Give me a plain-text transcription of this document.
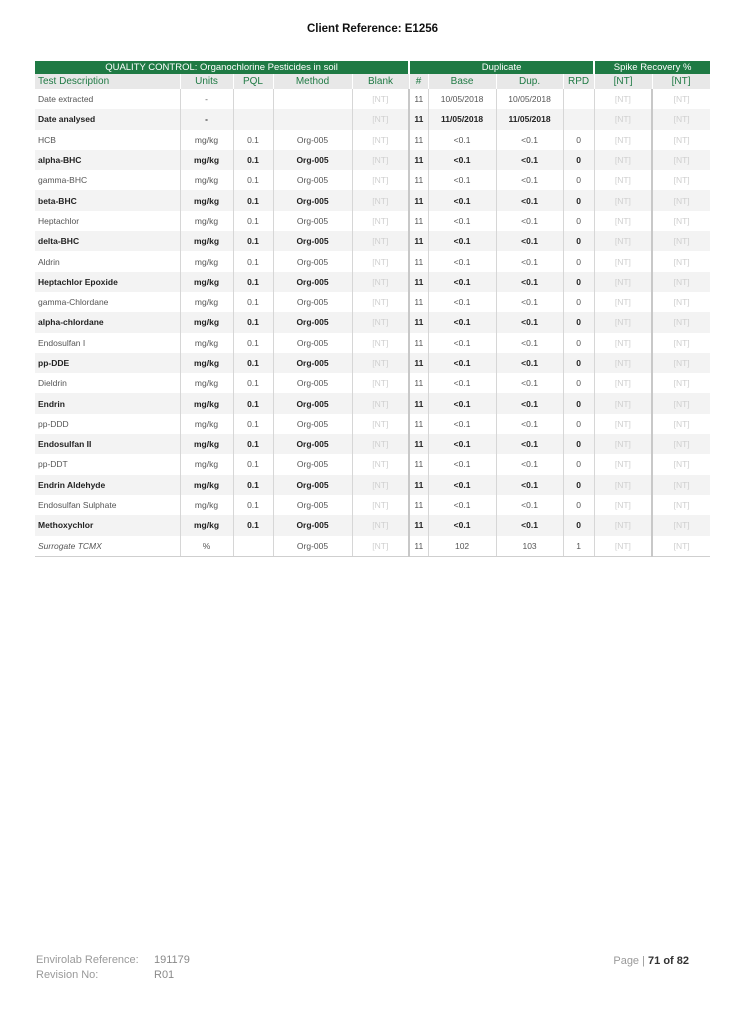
Client Reference: E1256
QUALITY CONTROL: Organochlorine Pesticides in soil					Duplicate				Spike Recovery %	
Test Description	Units	PQL	Method	Blank	#	Base	Dup.	RPD	[NT]	[NT]
Date extracted	-			[NT]	11	10/05/2018	10/05/2018		[NT]	[NT]
Date analysed	-			[NT]	11	11/05/2018	11/05/2018		[NT]	[NT]
HCB	mg/kg	0.1	Org-005	[NT]	11	<0.1	<0.1	0	[NT]	[NT]
alpha-BHC	mg/kg	0.1	Org-005	[NT]	11	<0.1	<0.1	0	[NT]	[NT]
gamma-BHC	mg/kg	0.1	Org-005	[NT]	11	<0.1	<0.1	0	[NT]	[NT]
beta-BHC	mg/kg	0.1	Org-005	[NT]	11	<0.1	<0.1	0	[NT]	[NT]
Heptachlor	mg/kg	0.1	Org-005	[NT]	11	<0.1	<0.1	0	[NT]	[NT]
delta-BHC	mg/kg	0.1	Org-005	[NT]	11	<0.1	<0.1	0	[NT]	[NT]
Aldrin	mg/kg	0.1	Org-005	[NT]	11	<0.1	<0.1	0	[NT]	[NT]
Heptachlor Epoxide	mg/kg	0.1	Org-005	[NT]	11	<0.1	<0.1	0	[NT]	[NT]
gamma-Chlordane	mg/kg	0.1	Org-005	[NT]	11	<0.1	<0.1	0	[NT]	[NT]
alpha-chlordane	mg/kg	0.1	Org-005	[NT]	11	<0.1	<0.1	0	[NT]	[NT]
Endosulfan I	mg/kg	0.1	Org-005	[NT]	11	<0.1	<0.1	0	[NT]	[NT]
pp-DDE	mg/kg	0.1	Org-005	[NT]	11	<0.1	<0.1	0	[NT]	[NT]
Dieldrin	mg/kg	0.1	Org-005	[NT]	11	<0.1	<0.1	0	[NT]	[NT]
Endrin	mg/kg	0.1	Org-005	[NT]	11	<0.1	<0.1	0	[NT]	[NT]
pp-DDD	mg/kg	0.1	Org-005	[NT]	11	<0.1	<0.1	0	[NT]	[NT]
Endosulfan II	mg/kg	0.1	Org-005	[NT]	11	<0.1	<0.1	0	[NT]	[NT]
pp-DDT	mg/kg	0.1	Org-005	[NT]	11	<0.1	<0.1	0	[NT]	[NT]
Endrin Aldehyde	mg/kg	0.1	Org-005	[NT]	11	<0.1	<0.1	0	[NT]	[NT]
Endosulfan Sulphate	mg/kg	0.1	Org-005	[NT]	11	<0.1	<0.1	0	[NT]	[NT]
Methoxychlor	mg/kg	0.1	Org-005	[NT]	11	<0.1	<0.1	0	[NT]	[NT]
Surrogate TCMX	%		Org-005	[NT]	11	102	103	1	[NT]	[NT]
Envirolab Reference: 191179
Revision No:	R01
Page | 71 of 82
